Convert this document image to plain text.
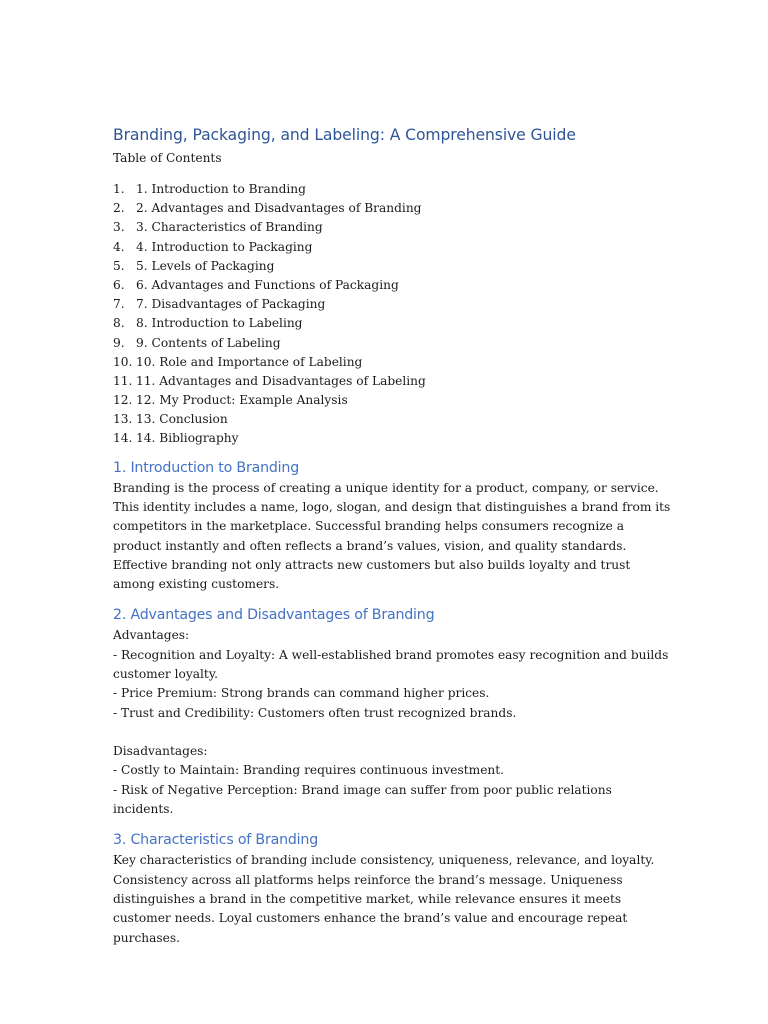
Branding, Packaging, and Labeling: A Comprehensive Guide

Table of Contents

1. 1. Introduction to Branding
2. 2. Advantages and Disadvantages of Branding
3. 3. Characteristics of Branding
4. 4. Introduction to Packaging
5. 5. Levels of Packaging
6. 6. Advantages and Functions of Packaging
7. 7. Disadvantages of Packaging
8. 8. Introduction to Labeling
9. 9. Contents of Labeling
10. 10. Role and Importance of Labeling
11. 11. Advantages and Disadvantages of Labeling
12. 12. My Product: Example Analysis
13. 13. Conclusion
14. 14. Bibliography
1. Introduction to Branding

Branding is the process of creating a unique identity for a product, company, or service. This identity includes a name, logo, slogan, and design that distinguishes a brand from its competitors in the marketplace. Successful branding helps consumers recognize a product instantly and often reflects a brand’s values, vision, and quality standards. Effective branding not only attracts new customers but also builds loyalty and trust among existing customers.

2. Advantages and Disadvantages of Branding

Advantages:

- Recognition and Loyalty: A well-established brand promotes easy recognition and builds customer loyalty.

- Price Premium: Strong brands can command higher prices.

- Trust and Credibility: Customers often trust recognized brands.

Disadvantages:

- Costly to Maintain: Branding requires continuous investment.

- Risk of Negative Perception: Brand image can suffer from poor public relations incidents.

3. Characteristics of Branding

Key characteristics of branding include consistency, uniqueness, relevance, and loyalty. Consistency across all platforms helps reinforce the brand’s message. Uniqueness distinguishes a brand in the competitive market, while relevance ensures it meets customer needs. Loyal customers enhance the brand’s value and encourage repeat purchases.
